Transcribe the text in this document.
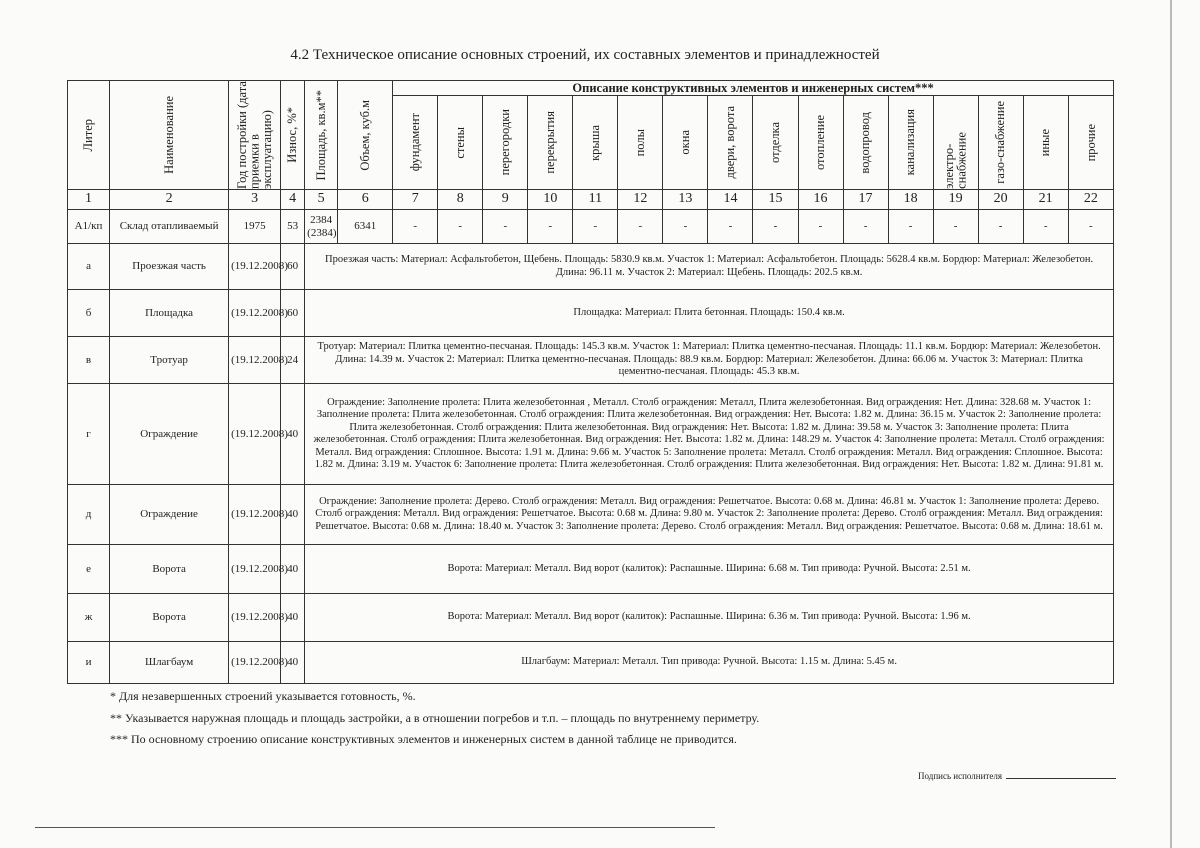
4.2 Техническое описание основных строений, их составных элементов и принадлежностей
Литер	Наименование	Год постройки (дата приемки в эксплуатацию)	Износ, %*	Площадь, кв.м**	Объем, куб.м	Описание конструктивных элементов и инженерных систем***															

						фундамент	стены	перегородки	перекрытия	крыша	полы	окна	двери, ворота	отделка	отопление	водопровод	канализация	электро-снабжение	газо-снабжение	иные	прочие

1	2	3	4	5	6	7	8	9	10	11	12	13	14	15	16	17	18	19	20	21	22
А1/кп	Склад отапливаемый	1975	53	2384 (2384)	6341	-	-	-	-	-	-	-	-	-	-	-	-	-	-	-	-
а	Проезжая часть	(19.12.2008)	60	Проезжая часть: Материал: Асфальтобетон, Щебень. Площадь: 5830.9 кв.м. Участок 1: Материал: Асфальтобетон. Площадь: 5628.4 кв.м. Бордюр: Материал: Железобетон. Длина: 96.11 м. Участок 2: Материал: Щебень. Площадь: 202.5 кв.м.																	
б	Площадка	(19.12.2008)	60	Площадка: Материал: Плита бетонная. Площадь: 150.4 кв.м.																	
в	Тротуар	(19.12.2008)	24	Тротуар: Материал: Плитка цементно-песчаная. Площадь: 145.3 кв.м. Участок 1: Материал: Плитка цементно-песчаная. Площадь: 11.1 кв.м. Бордюр: Материал: Железобетон. Длина: 14.39 м. Участок 2: Материал: Плитка цементно-песчаная. Площадь: 88.9 кв.м. Бордюр: Материал: Железобетон. Длина: 66.06 м. Участок 3: Материал: Плитка цементно-песчаная. Площадь: 45.3 кв.м.																	
г	Ограждение	(19.12.2008)	40	Ограждение: Заполнение пролета: Плита железобетонная , Металл. Столб ограждения: Металл, Плита железобетонная. Вид ограждения: Нет. Длина: 328.68 м. Участок 1: Заполнение пролета: Плита железобетонная. Столб ограждения: Плита железобетонная. Вид ограждения: Нет. Высота: 1.82 м. Длина: 36.15 м. Участок 2: Заполнение пролета: Плита железобетонная. Столб ограждения: Плита железобетонная. Вид ограждения: Нет. Высота: 1.82 м. Длина: 39.58 м. Участок 3: Заполнение пролета: Плита железобетонная. Столб ограждения: Плита железобетонная. Вид ограждения: Нет. Высота: 1.82 м. Длина: 148.29 м. Участок 4: Заполнение пролета: Металл. Столб ограждения: Металл. Вид ограждения: Сплошное. Высота: 1.91 м. Длина: 9.66 м. Участок 5: Заполнение пролета: Металл. Столб ограждения: Металл. Вид ограждения: Сплошное. Высота: 1.82 м. Длина: 3.19 м. Участок 6: Заполнение пролета: Плита железобетонная. Столб ограждения: Плита железобетонная. Вид ограждения: Нет. Высота: 1.82 м. Длина: 91.81 м.																	
д	Ограждение	(19.12.2008)	40	Ограждение: Заполнение пролета: Дерево. Столб ограждения: Металл. Вид ограждения: Решетчатое. Высота: 0.68 м. Длина: 46.81 м. Участок 1: Заполнение пролета: Дерево. Столб ограждения: Металл. Вид ограждения: Решетчатое. Высота: 0.68 м. Длина: 9.80 м. Участок 2: Заполнение пролета: Дерево. Столб ограждения: Металл. Вид ограждения: Решетчатое. Высота: 0.68 м. Длина: 18.40 м. Участок 3: Заполнение пролета: Дерево. Столб ограждения: Металл. Вид ограждения: Решетчатое. Высота: 0.68 м. Длина: 18.61 м.																	
е	Ворота	(19.12.2008)	40	Ворота: Материал: Металл. Вид ворот (калиток): Распашные. Ширина: 6.68 м. Тип привода: Ручной. Высота: 2.51 м.																	
ж	Ворота	(19.12.2008)	40	Ворота: Материал: Металл. Вид ворот (калиток): Распашные. Ширина: 6.36 м. Тип привода: Ручной. Высота: 1.96 м.																	
и	Шлагбаум	(19.12.2008)	40	Шлагбаум: Материал: Металл. Тип привода: Ручной. Высота: 1.15 м. Длина: 5.45 м.																	
* Для незавершенных строений указывается готовность, %.
** Указывается наружная площадь и площадь застройки, а в отношении погребов и т.п. – площадь по внутреннему периметру.
*** По основному строению описание конструктивных элементов и инженерных систем в данной таблице не приводится.
Подпись исполнителя
